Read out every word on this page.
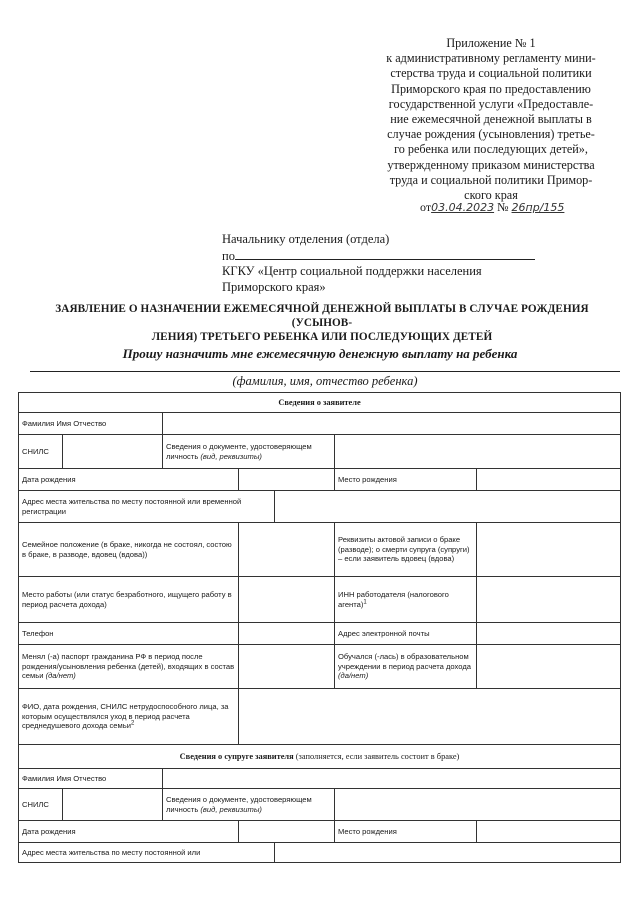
Приложение № 1
к административному регламенту мини-
стерства труда и социальной политики
Приморского края по предоставлению
государственной услуги «Предоставле-
ние ежемесячной денежной выплаты в
случае рождения (усыновления) третье-
го ребенка или последующих детей»,
утвержденному приказом министерства
труда и социальной политики Примор-
ского края
от03.04.2023 № 26пр/155
Начальнику отделения (отдела)
по
КГКУ «Центр социальной поддержки населения
Приморского края»
ЗАЯВЛЕНИЕ О НАЗНАЧЕНИИ ЕЖЕМЕСЯЧНОЙ ДЕНЕЖНОЙ ВЫПЛАТЫ В СЛУЧАЕ РОЖДЕНИЯ (УСЫНОВ-
ЛЕНИЯ) ТРЕТЬЕГО РЕБЕНКА ИЛИ ПОСЛЕДУЮЩИХ ДЕТЕЙ
Прошу назначить мне ежемесячную денежную выплату на ребенка
(фамилия, имя, отчество ребенка)
Сведения о заявителе						
Фамилия Имя Отчество						
СНИЛС		Сведения о документе, удостоверяющем личность (вид, реквизиты)				
Дата рождения					Место рождения	
Адрес места жительства по месту постоянной или временной регистрации						
Семейное положение (в браке, никогда не состоял, состою в браке, в разводе, вдовец (вдова))					Реквизиты актовой записи о браке (разводе); о смерти супруга (супруги) – если заявитель вдовец (вдова)	
Место работы (или статус безработного, ищущего работу в период расчета дохода)					ИНН работодателя (налогового агента)$^1$	
Телефон					Адрес электронной почты	
Менял (-а) паспорт гражданина РФ в период после рождения/усыновления ребенка (детей), входящих в состав семьи (да/нет)					Обучался (-лась) в образовательном учреждении в период расчета дохода (да/нет)	
ФИО, дата рождения, СНИЛС нетрудоспособного лица, за которым осуществлялся уход в период расчета среднедушевого дохода семьи$^2$	
Сведения о супруге заявителя (заполняется, если заявитель состоит в браке)						
Фамилия Имя Отчество						
СНИЛС		Сведения о документе, удостоверяющем личность (вид, реквизиты)				
Дата рождения					Место рождения	
Адрес места жительства по месту постоянной или						
